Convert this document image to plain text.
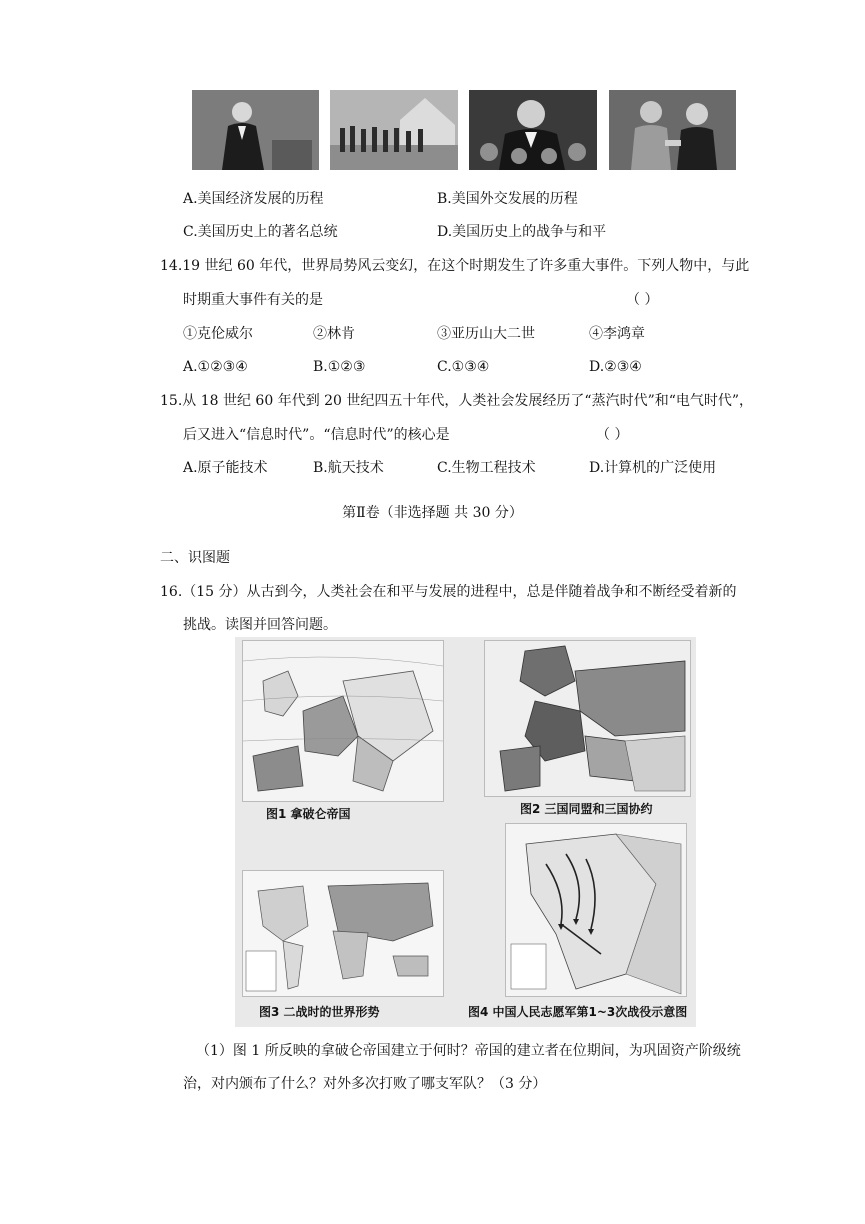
A.美国经济发展的历程	B.美国外交发展的历程
C.美国历史上的著名总统	D.美国历史上的战争与和平
14.19 世纪 60 年代，世界局势风云变幻，在这个时期发生了许多重大事件。下列人物中，与此
时期重大事件有关的是	（ ）
①克伦威尔	②林肯	③亚历山大二世	④李鸿章
A.①②③④	B.①②③	C.①③④	D.②③④
15.从 18 世纪 60 年代到 20 世纪四五十年代，人类社会发展经历了“蒸汽时代”和“电气时代”，
后又进入“信息时代”。“信息时代”的核心是	（ ）
A.原子能技术	B.航天技术	C.生物工程技术	D.计算机的广泛使用
第Ⅱ卷（非选择题 共 30 分）
二、识图题
16.（15 分）从古到今，人类社会在和平与发展的进程中，总是伴随着战争和不断经受着新的
挑战。读图并回答问题。
图1 拿破仑帝国	图2 三国同盟和三国协约
图3 二战时的世界形势	图4 中国人民志愿军第1~3次战役示意图
（1）图 1 所反映的拿破仑帝国建立于何时？帝国的建立者在位期间，为巩固资产阶级统
治，对内颁布了什么？对外多次打败了哪支军队？（3 分）
